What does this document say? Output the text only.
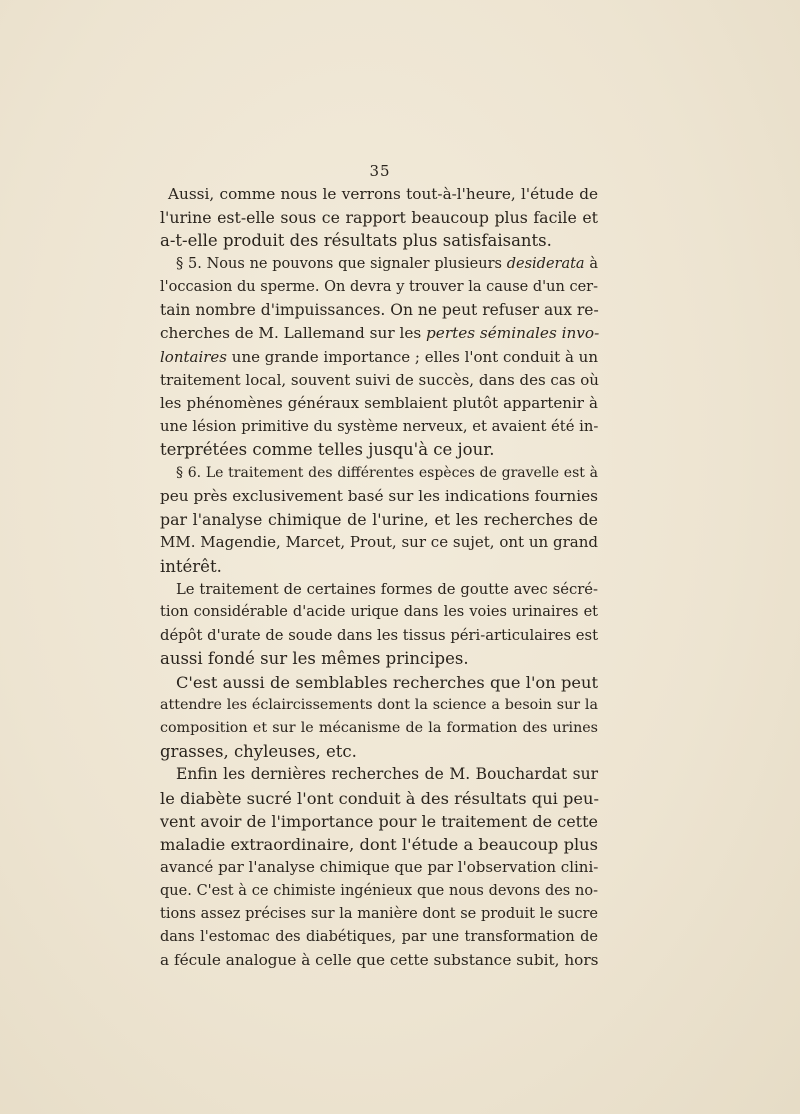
35
Aussi, comme nous le verrons tout-à-l'heure, l'étude de
l'urine est-elle sous ce rapport beaucoup plus facile et
a-t-elle produit des résultats plus satisfaisants.
§ 5. Nous ne pouvons que signaler plusieurs desiderata à
l'occasion du sperme. On devra y trouver la cause d'un cer-
tain nombre d'impuissances. On ne peut refuser aux re-
cherches de M. Lallemand sur les pertes séminales invo-
lontaires une grande importance ; elles l'ont conduit à un
traitement local, souvent suivi de succès, dans des cas où
les phénomènes généraux semblaient plutôt appartenir à
une lésion primitive du système nerveux, et avaient été in-
terprétées comme telles jusqu'à ce jour.
§ 6. Le traitement des différentes espèces de gravelle est à
peu près exclusivement basé sur les indications fournies
par l'analyse chimique de l'urine, et les recherches de
MM. Magendie, Marcet, Prout, sur ce sujet, ont un grand
intérêt.
Le traitement de certaines formes de goutte avec sécré-
tion considérable d'acide urique dans les voies urinaires et
dépôt d'urate de soude dans les tissus péri-articulaires est
aussi fondé sur les mêmes principes.
C'est aussi de semblables recherches que l'on peut
attendre les éclaircissements dont la science a besoin sur la
composition et sur le mécanisme de la formation des urines
grasses, chyleuses, etc.
Enfin les dernières recherches de M. Bouchardat sur
le diabète sucré l'ont conduit à des résultats qui peu-
vent avoir de l'importance pour le traitement de cette
maladie extraordinaire, dont l'étude a beaucoup plus
avancé par l'analyse chimique que par l'observation clini-
que. C'est à ce chimiste ingénieux que nous devons des no-
tions assez précises sur la manière dont se produit le sucre
dans l'estomac des diabétiques, par une transformation de
a fécule analogue à celle que cette substance subit, hors
